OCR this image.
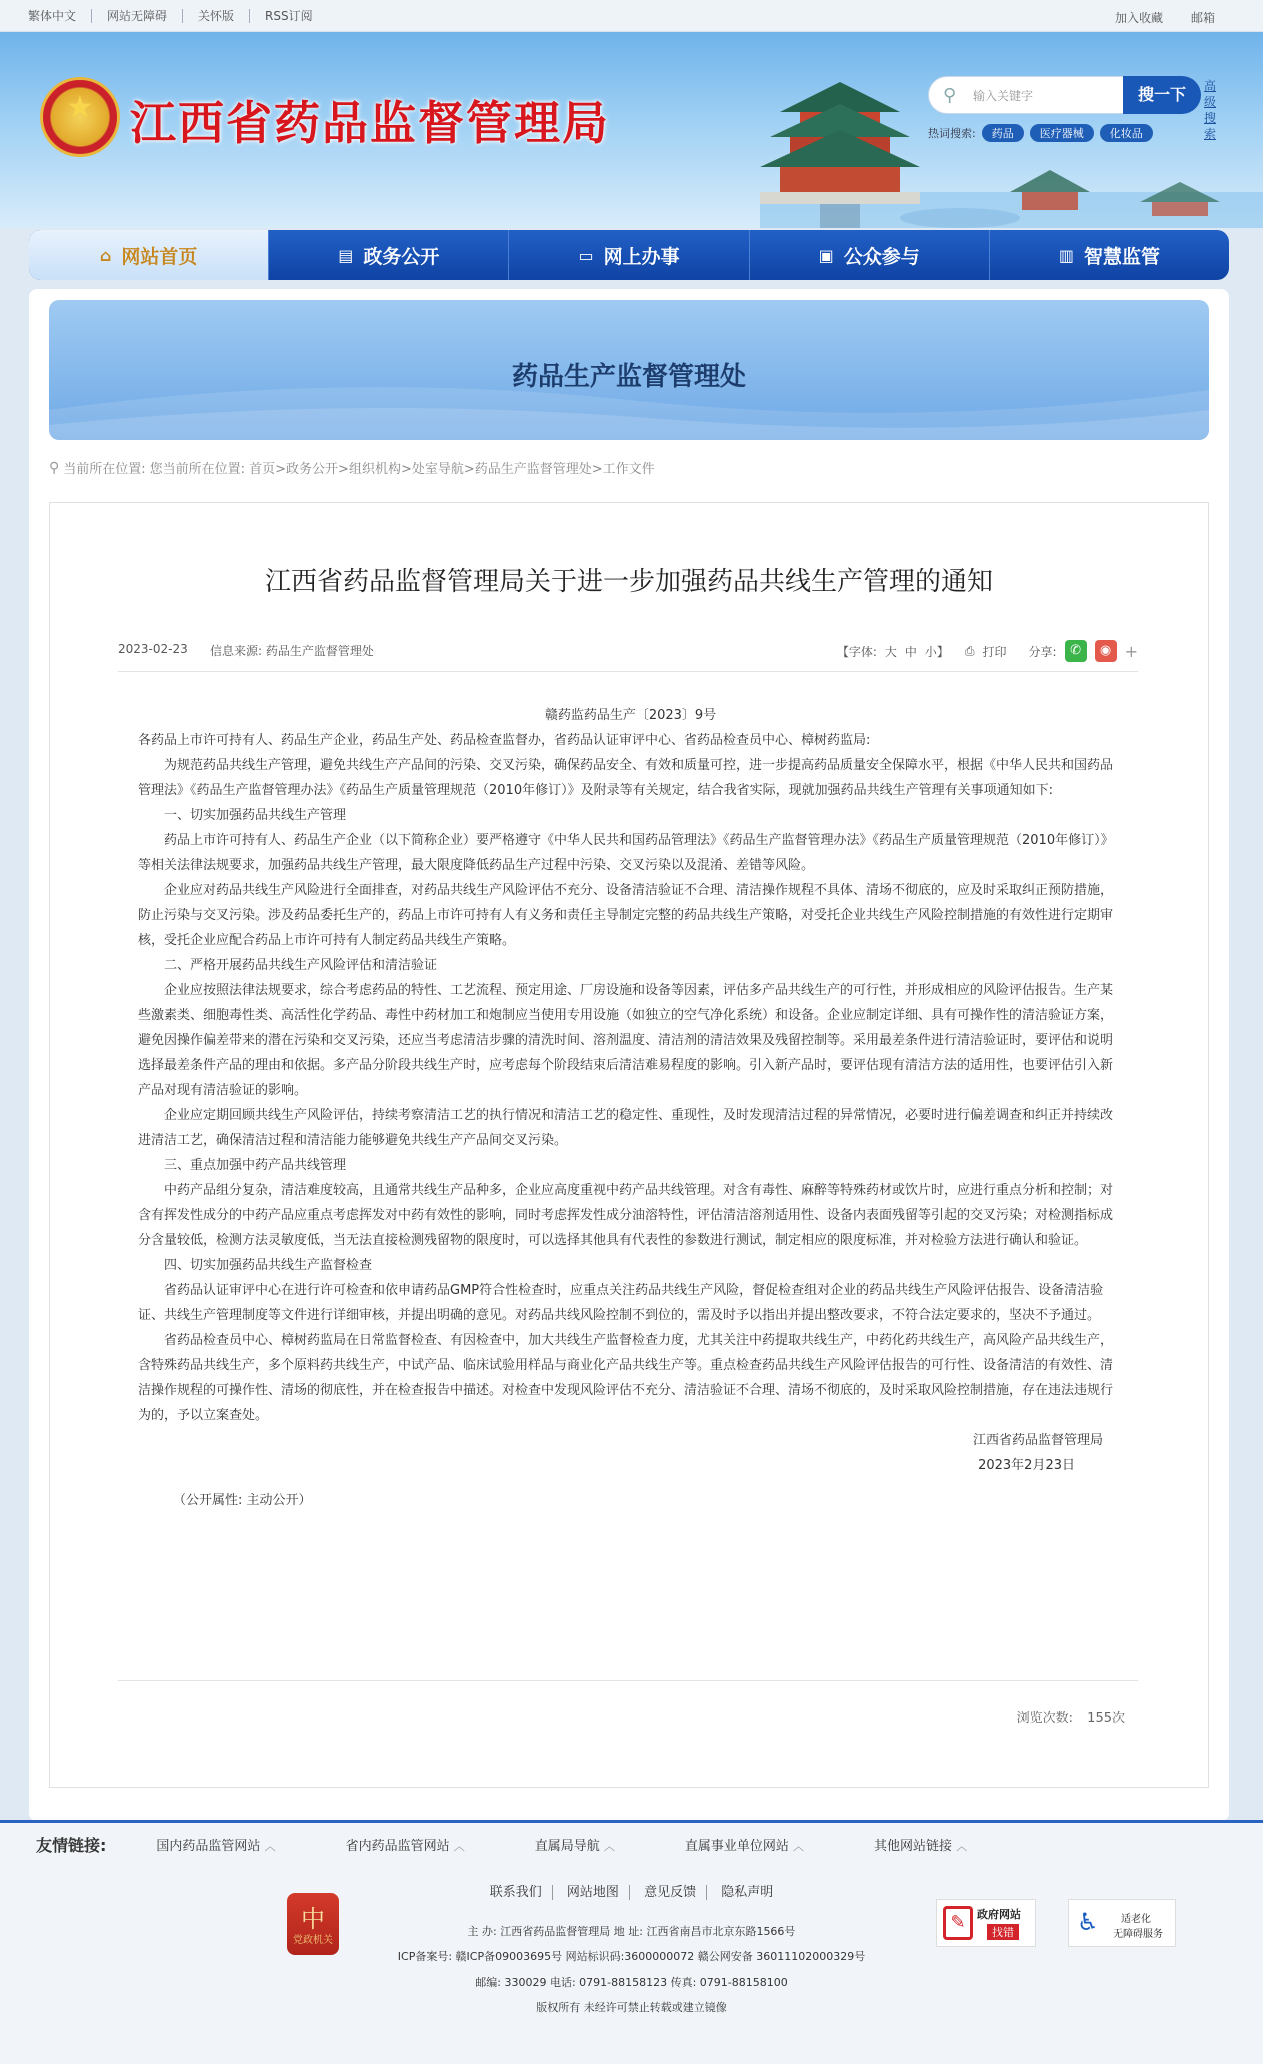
繁体中文	网站无障碍	关怀版	RSS订阅	加入收藏 邮箱
★ 江西省药品监督管理局
⚲	输入关键字	搜一下	高级搜索
热词搜索:	药品	医疗器械	化妆品
⌂ 网站首页	▤ 政务公开	▭ 网上办事	▣ 公众参与	▥ 智慧监管
药品生产监督管理处
⚲ 当前所在位置: 您当前所在位置: 首页>政务公开>组织机构>处室导航>药品生产监督管理处>工作文件
江西省药品监督管理局关于进一步加强药品共线生产管理的通知
2023-02-23 信息来源: 药品生产监督管理处	【字体: 大 中 小】 ⎙ 打印 分享:	✆	◉ +

赣药监药品生产〔2023〕9号

各药品上市许可持有人、药品生产企业，药品生产处、药品检查监督办，省药品认证审评中心、省药品检查员中心、樟树药监局:

为规范药品共线生产管理，避免共线生产产品间的污染、交叉污染，确保药品安全、有效和质量可控，进一步提高药品质量安全保障水平，根据《中华人民共和国药品管理法》《药品生产监督管理办法》《药品生产质量管理规范（2010年修订）》及附录等有关规定，结合我省实际，现就加强药品共线生产管理有关事项通知如下:

一、切实加强药品共线生产管理

药品上市许可持有人、药品生产企业（以下简称企业）要严格遵守《中华人民共和国药品管理法》《药品生产监督管理办法》《药品生产质量管理规范（2010年修订）》等相关法律法规要求，加强药品共线生产管理，最大限度降低药品生产过程中污染、交叉污染以及混淆、差错等风险。

企业应对药品共线生产风险进行全面排查，对药品共线生产风险评估不充分、设备清洁验证不合理、清洁操作规程不具体、清场不彻底的，应及时采取纠正预防措施，防止污染与交叉污染。涉及药品委托生产的，药品上市许可持有人有义务和责任主导制定完整的药品共线生产策略，对受托企业共线生产风险控制措施的有效性进行定期审核，受托企业应配合药品上市许可持有人制定药品共线生产策略。

二、严格开展药品共线生产风险评估和清洁验证

企业应按照法律法规要求，综合考虑药品的特性、工艺流程、预定用途、厂房设施和设备等因素，评估多产品共线生产的可行性，并形成相应的风险评估报告。生产某些激素类、细胞毒性类、高活性化学药品、毒性中药材加工和炮制应当使用专用设施（如独立的空气净化系统）和设备。企业应制定详细、具有可操作性的清洁验证方案，避免因操作偏差带来的潜在污染和交叉污染，还应当考虑清洁步骤的清洗时间、溶剂温度、清洁剂的清洁效果及残留控制等。采用最差条件进行清洁验证时，要评估和说明选择最差条件产品的理由和依据。多产品分阶段共线生产时，应考虑每个阶段结束后清洁难易程度的影响。引入新产品时，要评估现有清洁方法的适用性，也要评估引入新产品对现有清洁验证的影响。

企业应定期回顾共线生产风险评估，持续考察清洁工艺的执行情况和清洁工艺的稳定性、重现性，及时发现清洁过程的异常情况，必要时进行偏差调查和纠正并持续改进清洁工艺，确保清洁过程和清洁能力能够避免共线生产产品间交叉污染。

三、重点加强中药产品共线管理

中药产品组分复杂，清洁难度较高，且通常共线生产品种多，企业应高度重视中药产品共线管理。对含有毒性、麻醉等特殊药材或饮片时，应进行重点分析和控制；对含有挥发性成分的中药产品应重点考虑挥发对中药有效性的影响，同时考虑挥发性成分油溶特性，评估清洁溶剂适用性、设备内表面残留等引起的交叉污染；对检测指标成分含量较低，检测方法灵敏度低，当无法直接检测残留物的限度时，可以选择其他具有代表性的参数进行测试，制定相应的限度标准，并对检验方法进行确认和验证。

四、切实加强药品共线生产监督检查

省药品认证审评中心在进行许可检查和依申请药品GMP符合性检查时，应重点关注药品共线生产风险，督促检查组对企业的药品共线生产风险评估报告、设备清洁验证、共线生产管理制度等文件进行详细审核，并提出明确的意见。对药品共线风险控制不到位的，需及时予以指出并提出整改要求，不符合法定要求的，坚决不予通过。

省药品检查员中心、樟树药监局在日常监督检查、有因检查中，加大共线生产监督检查力度，尤其关注中药提取共线生产，中药化药共线生产，高风险产品共线生产，含特殊药品共线生产，多个原料药共线生产，中试产品、临床试验用样品与商业化产品共线生产等。重点检查药品共线生产风险评估报告的可行性、设备清洁的有效性、清洁操作规程的可操作性、清场的彻底性，并在检查报告中描述。对检查中发现风险评估不充分、清洁验证不合理、清场不彻底的，及时采取风险控制措施，存在违法违规行为的，予以立案查处。

江西省药品监督管理局

2023年2月23日

（公开属性: 主动公开）

浏览次数: 155次
友情链接:	国内药品监管网站 ︿	省内药品监管网站 ︿	直属局导航 ︿	直属事业单位网站 ︿	其他网站链接 ︿
联系我们 网站地图 意见反馈 隐私声明
中
党政机关
主 办: 江西省药品监督管理局 地 址: 江西省南昌市北京东路1566号
ICP备案号: 赣ICP备09003695号 网站标识码:3600000072 赣公网安备 36011102000329号
邮编: 330029 电话: 0791-88158123 传真: 0791-88158100
版权所有 未经许可禁止转载或建立镜像
✎	政府网站
找错	♿ 适老化
无障碍服务
